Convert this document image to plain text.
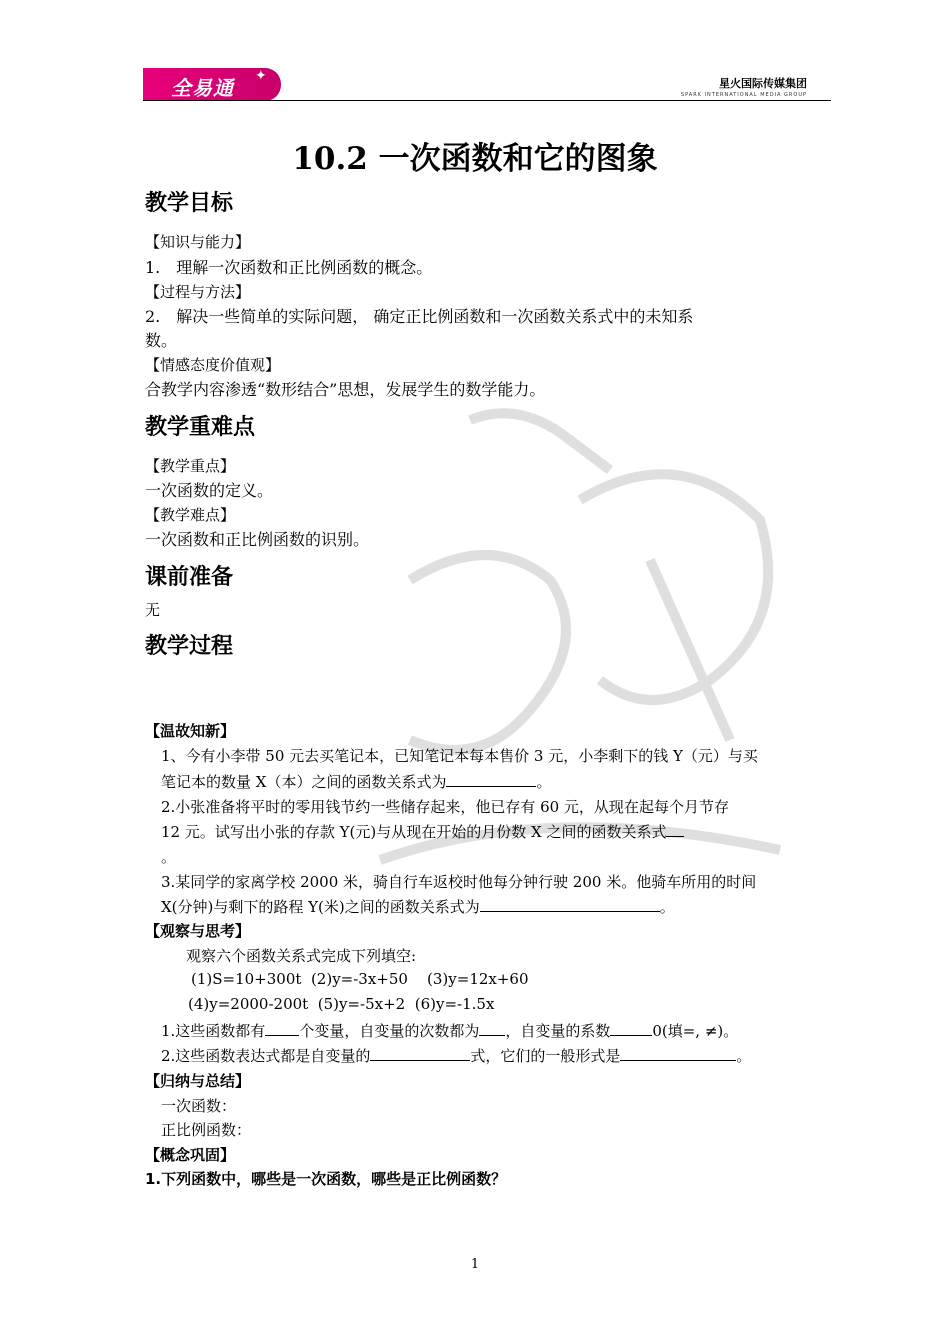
全易通 ✦	星火国际传媒集团
SPARK INTERNATIONAL MEDIA GROUP
10.2 一次函数和它的图象
教学目标
【知识与能力】
1.　理解一次函数和正比例函数的概念。
【过程与方法】
2.　解决一些简单的实际问题， 确定正比例函数和一次函数关系式中的未知系
数。
【情感态度价值观】
合教学内容渗透“数形结合”思想，发展学生的数学能力。
教学重难点
【教学重点】
一次函数的定义。
【教学难点】
一次函数和正比例函数的识别。
课前准备
无
教学过程
【温故知新】
1、今有小李带 50 元去买笔记本，已知笔记本每本售价 3 元，小李剩下的钱 Y（元）与买
笔记本的数量 X（本）之间的函数关系式为	。
2.小张准备将平时的零用钱节约一些储存起来，他已存有 60 元，从现在起每个月节存
12 元。试写出小张的存款 Y(元)与从现在开始的月份数 X 之间的函数关系式
。
3.某同学的家离学校 2000 米，骑自行车返校时他每分钟行驶 200 米。他骑车所用的时间
X(分钟)与剩下的路程 Y(米)之间的函数关系式为	。
【观察与思考】
观察六个函数关系式完成下列填空:
(1)S=10+300t  (2)y=-3x+50    (3)y=12x+60
(4)y=2000-200t  (5)y=-5x+2  (6)y=-1.5x
1.这些函数都有 个变量，自变量的次数都为 ，自变量的系数	0(填=, ≠)。
2.这些函数表达式都是自变量的	式，它们的一般形式是	。
【归纳与总结】
一次函数：
正比例函数：
【概念巩固】
1.下列函数中，哪些是一次函数，哪些是正比例函数？
1
